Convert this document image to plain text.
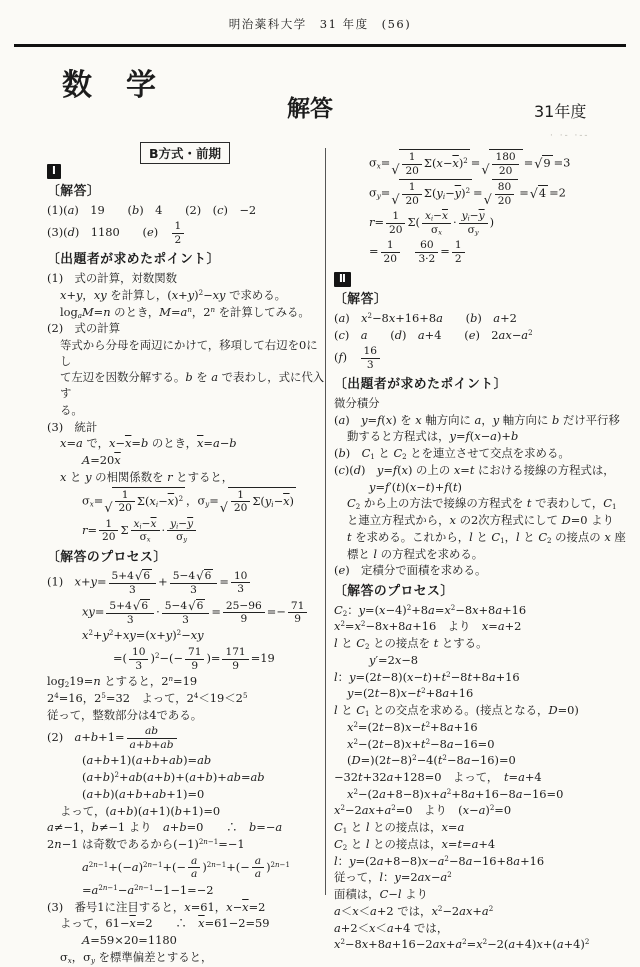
明治薬科大学　31 年度　(56)
数　学
解答	31年度
B方式・前期
· ·- ·--
Ⅰ
〔解答〕
(1)(a)　19　　(b)　4　　(2)　(c)　−2
(3)(d)　1180　　(e)　 $\frac{1}{2}$
〔出題者が求めたポイント〕
(1)　式の計算，対数関数
x+y，xy を計算し，$(x+y)^2-xy$ で求める。
$\log_aM=n$ のとき，$M=a^n$，2$^n$ を計算してみる。
(2)　式の計算
等式から分母を両辺にかけて，移項して右辺を0にし
て左辺を因数分解する。b を a で表わし，式に代入す
る。
(3)　統計
x=a で，$x-\overline{x}=b$ のとき，$\overline{x}=a-b$
$A=20\overline{x}$
x と y の相関係数を r とすると，
$\sigma_x=$
√ $\frac{1}{20} \Sigma(x_i-\overline{x})^2$ ，$\sigma_y=$
√ $\frac{1}{20} \Sigma(y_i-\overline{x})$
$r= \frac{1}{20}$ Σ $\frac{x_i-\overline{x}}{\sigma_x} \cdot \frac{y_i-\overline{y}}{\sigma_y}$
〔解答のプロセス〕
(1)　$x+y= \frac{5+4 √ 6}{3} + \frac{5-4 √ 6}{3} = \frac{10}{3}$
$xy= \frac{5+4 √ 6}{3} \cdot \frac{5-4 √ 6}{3} = \frac{25-96}{9} =- \frac{71}{9}$
$x^2+y^2+xy=(x+y)^2-xy$
=( $\frac{10}{3} )^2-(- \frac{71}{9}$ )= $\frac{171}{9} =19$
$\log_219=n$ とすると，$2^n=19$
$2^4=16$，$2^5=32$　よって，$2^4<19<2^5$
従って，整数部分は4である。
(2)　$a+b+1= \frac{ab}{a+b+ab}$
(a+b+1)(a+b+ab)=ab
$(a+b)^2+ab(a+b)+(a+b)+ab=ab$
(a+b)(a+b+ab+1)=0
よって，(a+b)(a+1)(b+1)=0
a≠−1，b≠−1 より　a+b=0　　∴　b=−a
2n−1 は奇数であるから$(-1)^{2n-1}=-1$
$a^{2n-1}+(-a)^{2n-1}+(- \frac{a}{a} )^{2n-1}+(- \frac{a}{a} )^{2n-1}$
$=a^{2n-1}-a^{2n-1}-1-1=-2$
(3)　番号1に注目すると，x=61，$x-\overline{x}=2$
よって，$61-\overline{x}=2$　　∴　$\overline{x}=61-2=59$
A=59×20=1180
$\sigma_x$，$\sigma_y$ を標準偏差とすると，
$\sigma_x=$
√ $\frac{1}{20} \Sigma(x-\overline{x})^2$ =
√ $\frac{180}{20}$ = √ 9 =3
$\sigma_y=$
√ $\frac{1}{20} \Sigma(y_i-\overline{y})^2$ =
√ $\frac{80}{20}$ = √ 4 =2
$r= \frac{1}{20} \Sigma( \frac{x_i-\overline{x}}{\sigma_x} \cdot \frac{y_i-\overline{y}}{\sigma_y}$ )
= $\frac{1}{20}$
　 $\frac{60}{3\cdot 2} = \frac{1}{2}$
Ⅱ
〔解答〕
(a)　$x^2-8x+16+8a$　　(b)　a+2
(c)　a　　(d)　a+4　　(e)　$2ax-a^2$
(f)　 $\frac{16}{3}$
〔出題者が求めたポイント〕
微分積分
(a)　y=f(x) を x 軸方向に a，y 軸方向に b だけ平行移
動すると方程式は，y=f(x−a)+b
(b)　$C_1$ と $C_2$ とを連立させて交点を求める。
(c)(d)　y=f(x) の上の x=t における接線の方程式は，
y=f′(t)(x−t)+f(t)
$C_2$ から上の方法で接線の方程式を t で表わして，$C_1$
と連立方程式から，x の2次方程式にして D=0 より
t を求める。これから，l と $C_1$，l と $C_2$ の接点の x 座
標と l の方程式を求める。
(e)　定積分で面積を求める。
〔解答のプロセス〕
$C_2$：$y=(x-4)^2+8a=x^2-8x+8a+16$
$x^2=x^2-8x+8a+16$　より　x=a+2
l と $C_2$ との接点を t とする。
y′=2x−8
l：$y=(2t-8)(x-t)+t^2-8t+8a+16$
$y=(2t-8)x-t^2+8a+16$
l と $C_1$ との交点を求める。(接点となる，D=0)
$x^2=(2t-8)x-t^2+8a+16$
$x^2-(2t-8)x+t^2-8a-16=0$
$(D=)(2t-8)^2-4(t^2-8a-16)=0$
−32t+32a+128=0　よって，　t=a+4
$x^2-(2a+8-8)x+a^2+8a+16-8a-16=0$
$x^2-2ax+a^2=0$　より　$(x-a)^2=0$
$C_1$ と l との接点は，x=a
$C_2$ と l との接点は，x=t=a+4
l：$y=(2a+8-8)x-a^2-8a-16+8a+16$
従って，l：$y=2ax-a^2$
面積は，C−l より
a＜x＜a+2 では，$x^2-2ax+a^2$
a+2＜x＜a+4 では，
$x^2-8x+8a+16-2ax+a^2=x^2-2(a+4)x+(a+4)^2$
